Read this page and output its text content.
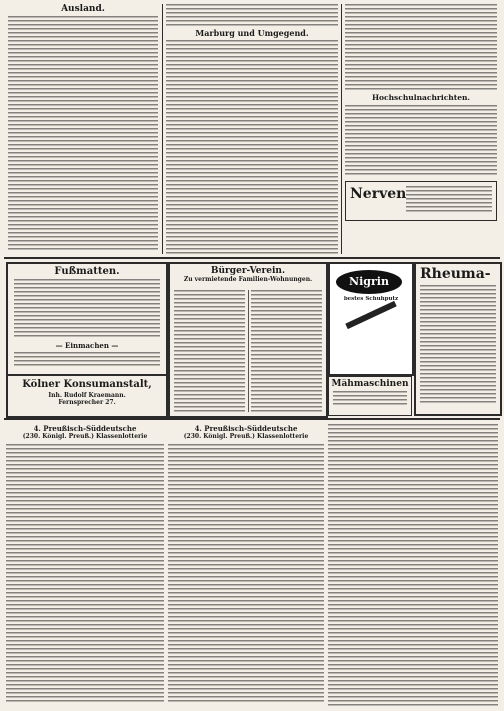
Ausland.
Marburg und Umgegend.
Hochschulnachrichten.
Nerven
Fußmatten.
— Einmachen —
Kölner Konsumanstalt,
Inh. Rudolf Kraemann.
Fernsprecher 27.
Bürger-Verein.
Zu vermietende Familien-Wohnungen.	Nigrin
bestes Schuhputz
Rheuma-
Mähmaschinen
4. Preußisch-Süddeutsche
(230. Königl. Preuß.) Klassenlotterie
4. Preußisch-Süddeutsche
(230. Königl. Preuß.) Klassenlotterie
